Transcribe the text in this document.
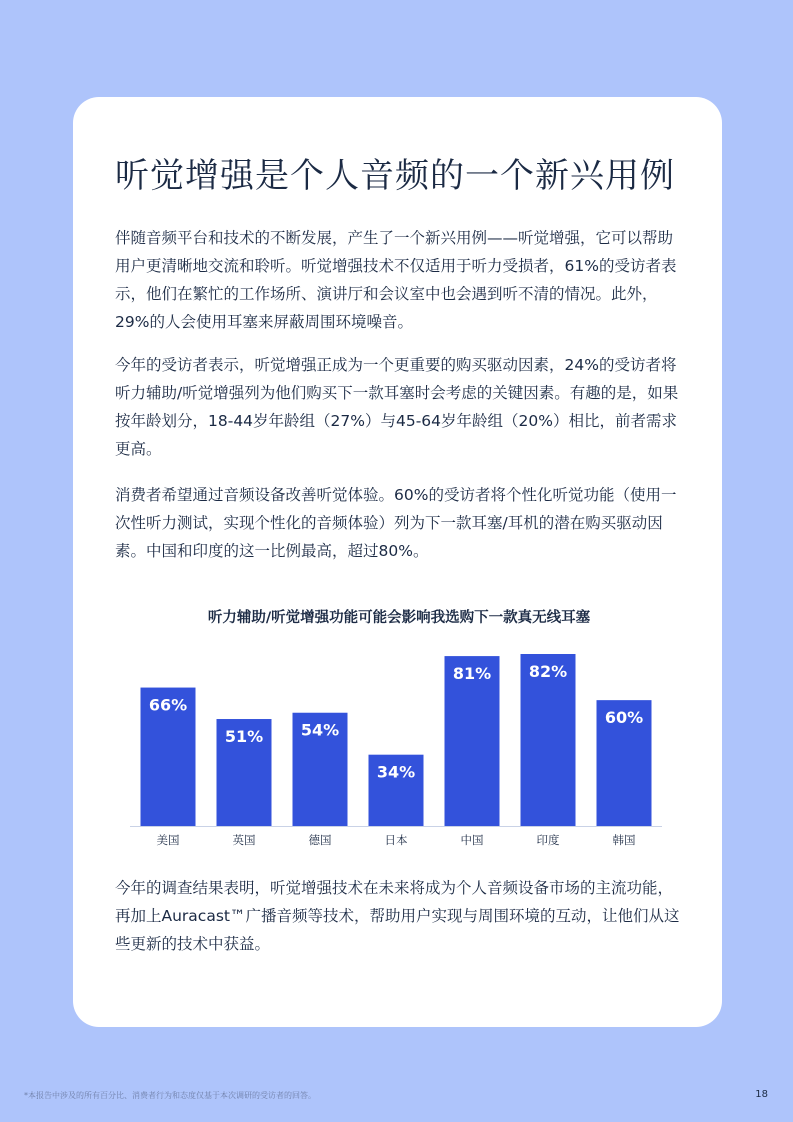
听觉增强是个人音频的一个新兴用例

伴随音频平台和技术的不断发展，产生了一个新兴用例——听觉增强，它可以帮助用户更清晰地交流和聆听。听觉增强技术不仅适用于听力受损者，61%的受访者表示，他们在繁忙的工作场所、演讲厅和会议室中也会遇到听不清的情况。此外，29%的人会使用耳塞来屏蔽周围环境噪音。

今年的受访者表示，听觉增强正成为一个更重要的购买驱动因素，24%的受访者将听力辅助/听觉增强列为他们购买下一款耳塞时会考虑的关键因素。有趣的是，如果按年龄划分，18-44岁年龄组（27%）与45-64岁年龄组（20%）相比，前者需求更高。

消费者希望通过音频设备改善听觉体验。60%的受访者将个性化听觉功能（使用一次性听力测试，实现个性化的音频体验）列为下一款耳塞/耳机的潜在购买驱动因素。中国和印度的这一比例最高，超过80%。

听力辅助/听觉增强功能可能会影响我选购下一款真无线耳塞

66%
美国
51%
英国
54%
德国
34%
日本
81%
中国
82%
印度
60%
韩国

今年的调查结果表明，听觉增强技术在未来将成为个人音频设备市场的主流功能，再加上Auracast™广播音频等技术，帮助用户实现与周围环境的互动，让他们从这些更新的技术中获益。

*本报告中涉及的所有百分比、消费者行为和态度仅基于本次调研的受访者的回答。	18
